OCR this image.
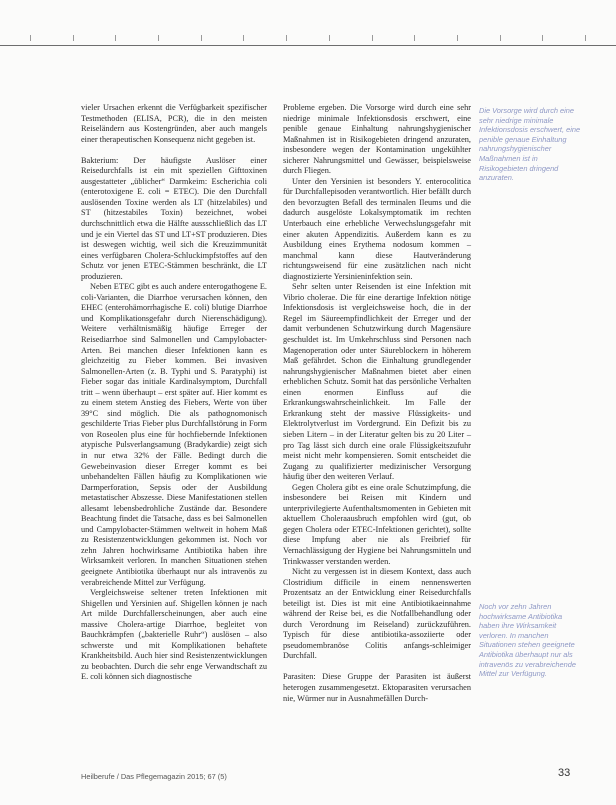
vieler Ursachen erkennt die Verfügbarkeit spezifischer Testmethoden (ELISA, PCR), die in den meisten Reiseländern aus Kostengründen, aber auch mangels einer therapeutischen Konsequenz nicht gegeben ist.

Bakterium: Der häufigste Auslöser einer Reisedurchfalls ist ein mit speziellen Gifttoxinen ausgestatteter „üblicher“ Darmkeim: Escherichia coli (enterotoxigene E. coli = ETEC). Die den Durchfall auslösenden Toxine werden als LT (hitzelabiles) und ST (hitzestabiles Toxin) bezeichnet, wobei durchschnittlich etwa die Hälfte aussschließlich das LT und je ein Viertel das ST und LT+ST produzieren. Dies ist deswegen wichtig, weil sich die Kreuzimmunität eines verfügbaren Cholera-Schluckimpfstoffes auf den Schutz vor jenen ETEC-Stämmen beschränkt, die LT produzieren.

Neben ETEC gibt es auch andere enterogathogene E. coli-Varianten, die Diarrhoe verursachen können, den EHEC (enterohämorrhagische E. coli) blutige Diarrhoe und Komplikationsgefahr durch Nierenschädigung). Weitere verhältnismäßig häufige Erreger der Reisediarrhoe sind Salmonellen und Campylobacter-Arten. Bei manchen dieser Infektionen kann es gleichzeitig zu Fieber kommen. Bei invasiven Salmonellen-Arten (z. B. Typhi und S. Paratyphi) ist Fieber sogar das initiale Kardinalsymptom, Durchfall tritt – wenn überhaupt – erst später auf. Hier kommt es zu einem stetem Anstieg des Fiebers, Werte von über 39°C sind möglich. Die als pathognomonisch geschilderte Trias Fieber plus Durchfallstörung in Form von Roseolen plus eine für hochfiebernde Infektionen atypische Pulsverlangsamung (Bradykardie) zeigt sich in nur etwa 32% der Fälle. Bedingt durch die Gewebeinvasion dieser Erreger kommt es bei unbehandelten Fällen häufig zu Komplikationen wie Darmperforation, Sepsis oder der Ausbildung metastatischer Abszesse. Diese Manifestationen stellen allesamt lebensbedrohliche Zustände dar. Besondere Beachtung findet die Tatsache, dass es bei Salmonellen und Campylobacter-Stämmen weltweit in hohem Maß zu Resistenzentwicklungen gekommen ist. Noch vor zehn Jahren hochwirksame Antibiotika haben ihre Wirksamkeit verloren. In manchen Situationen stehen geeignete Antibiotika überhaupt nur als intravenös zu verabreichende Mittel zur Verfügung.

Vergleichsweise seltener treten Infektionen mit Shigellen und Yersinien auf. Shigellen können je nach Art milde Durchfallerscheinungen, aber auch eine massive Cholera-artige Diarrhoe, begleitet von Bauchkrämpfen („bakterielle Ruhr“) auslösen – also schwerste und mit Komplikationen behaftete Krankheitsbild. Auch hier sind Resistenzentwicklungen zu beobachten. Durch die sehr enge Verwandtschaft zu E. coli können sich diagnostische

Probleme ergeben. Die Vorsorge wird durch eine sehr niedrige minimale Infektionsdosis erschwert, eine penible genaue Einhaltung nahrungshygienischer Maßnahmen ist in Risikogebieten dringend anzuraten, insbesondere wegen der Kontamination ungekühlter sicherer Nahrungsmittel und Gewässer, beispielsweise durch Fliegen.

Unter den Yersinien ist besonders Y. enterocolitica für Durchfallepisoden verantwortlich. Hier befällt durch den bevorzugten Befall des terminalen Ileums und die dadurch ausgelöste Lokalsymptomatik im rechten Unterbauch eine erhebliche Verwechslungsgefahr mit einer akuten Appendizitis. Außerdem kann es zu Ausbildung eines Erythema nodosum kommen – manchmal kann diese Hautveränderung richtungsweisend für eine zusätzlichen nach nicht diagnostizierte Yersinieninfektion sein.

Sehr selten unter Reisenden ist eine Infektion mit Vibrio cholerae. Die für eine derartige Infektion nötige Infektionsdosis ist vergleichsweise hoch, die in der Regel im Säureempfindlichkeit der Erreger und der damit verbundenen Schutzwirkung durch Magensäure geschuldet ist. Im Umkehrschluss sind Personen nach Magenoperation oder unter Säureblockern in höherem Maß gefährdet. Schon die Einhaltung grundlegender nahrungshygienischer Maßnahmen bietet aber einen erheblichen Schutz. Somit hat das persönliche Verhalten einen enormen Einfluss auf die Erkrankungswahrscheinlichkeit. Im Falle der Erkrankung steht der massive Flüssigkeits- und Elektrolytverlust im Vordergrund. Ein Defizit bis zu sieben Litern – in der Literatur gelten bis zu 20 Liter – pro Tag lässt sich durch eine orale Flüssigkeitszufuhr meist nicht mehr kompensieren. Somit entscheidet die Zugang zu qualifizierter medizinischer Versorgung häufig über den weiteren Verlauf.

Gegen Cholera gibt es eine orale Schutzimpfung, die insbesondere bei Reisen mit Kindern und unterprivilegierte Aufenthaltsmomenten in Gebieten mit aktuellem Choleraausbruch empfohlen wird (gut, ob gegen Cholera oder ETEC-Infektionen gerichtet), sollte diese Impfung aber nie als Freibrief für Vernachlässigung der Hygiene bei Nahrungsmitteln und Trinkwasser verstanden werden.

Nicht zu vergessen ist in diesem Kontext, dass auch Clostridium difficile in einem nennenswerten Prozentsatz an der Entwicklung einer Reisedurchfalls beteiligt ist. Dies ist mit eine Antibiotikaeinnahme während der Reise bei, es die Notfallbehandlung oder durch Verordnung im Reiseland) zurückzuführen. Typisch für diese antibiotika-assoziierte oder pseudomembranöse Colitis anfangs-schleimiger Durchfall.

Parasiten: Diese Gruppe der Parasiten ist äußerst heterogen zusammengesetzt. Ektoparasiten verursachen nie, Würmer nur in Ausnahmefällen Durch-

Die Vorsorge wird durch eine sehr niedrige minimale Infektionsdosis erschwert, eine penible genaue Einhaltung nahrungshygienischer Maßnahmen ist in Risikogebieten dringend anzuraten.
Noch vor zehn Jahren hochwirksame Antibiotika haben ihre Wirksamkeit verloren. In manchen Situationen stehen geeignete Antibiotika überhaupt nur als intravenös zu verabreichende Mittel zur Verfügung.
Heilberufe / Das Pflegemagazin 2015; 67 (5)	33
